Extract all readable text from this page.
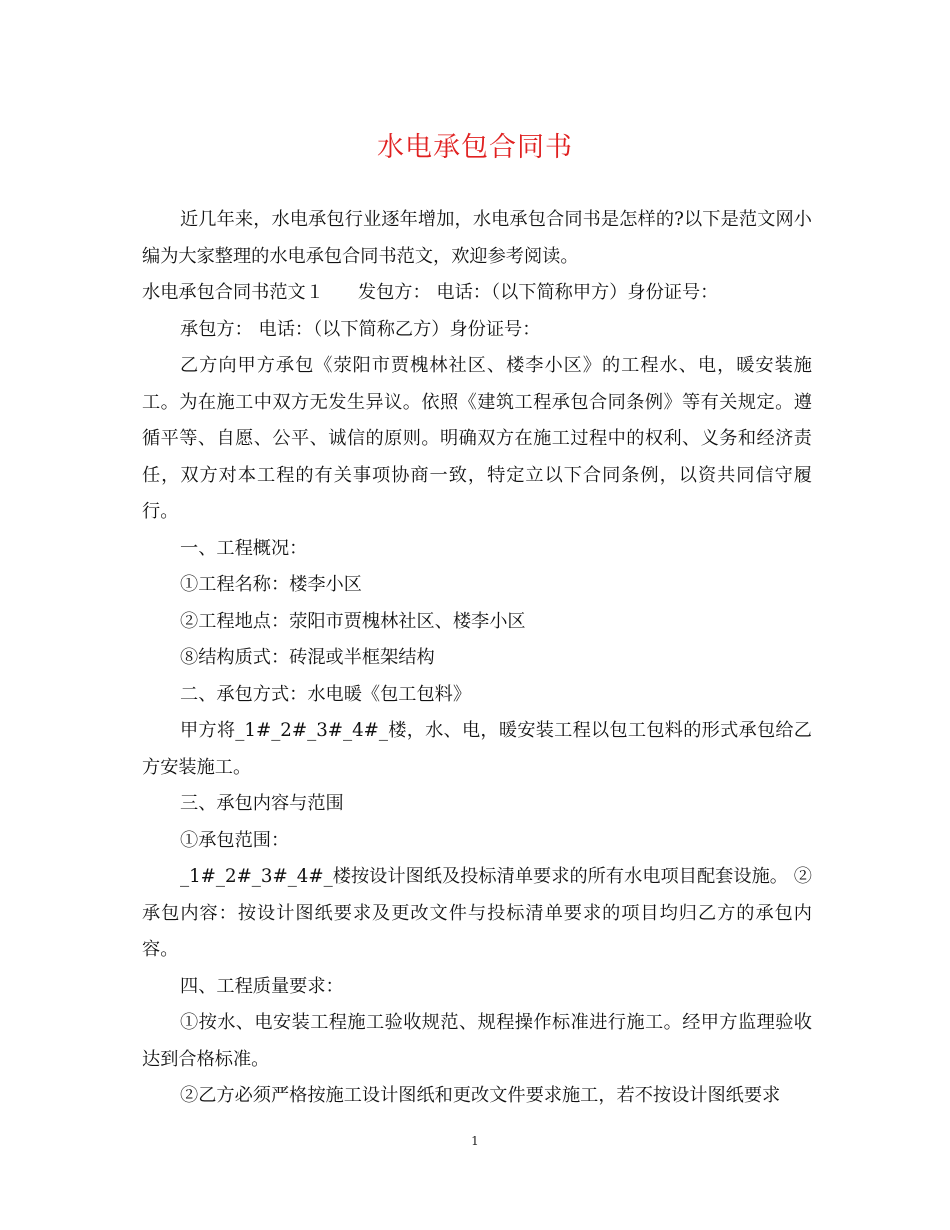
水电承包合同书

近几年来，水电承包行业逐年增加，水电承包合同书是怎样的?以下是范文网小编为大家整理的水电承包合同书范文，欢迎参考阅读。

水电承包合同书范文１ 发包方： 电话：（以下简称甲方）身份证号：

承包方： 电话：（以下简称乙方）身份证号：

乙方向甲方承包《荥阳市贾槐林社区、楼李小区》的工程水、电，暖安装施工。为在施工中双方无发生异议。依照《建筑工程承包合同条例》等有关规定。遵循平等、自愿、公平、诚信的原则。明确双方在施工过程中的权利、义务和经济责任，双方对本工程的有关事项协商一致，特定立以下合同条例，以资共同信守履行。

一、工程概况：

①工程名称：楼李小区

②工程地点：荥阳市贾槐林社区、楼李小区

⑧结构质式：砖混或半框架结构

二、承包方式：水电暖《包工包料》

甲方将_1#_2#_3#_4#_楼，水、电，暖安装工程以包工包料的形式承包给乙方安装施工。

三、承包内容与范围

①承包范围：

_1#_2#_3#_4#_楼按设计图纸及投标清单要求的所有水电项目配套设施。 ②承包内容：按设计图纸要求及更改文件与投标清单要求的项目均归乙方的承包内容。

四、工程质量要求：

①按水、电安装工程施工验收规范、规程操作标准进行施工。经甲方监理验收达到合格标准。

②乙方必须严格按施工设计图纸和更改文件要求施工，若不按设计图纸要求

1
